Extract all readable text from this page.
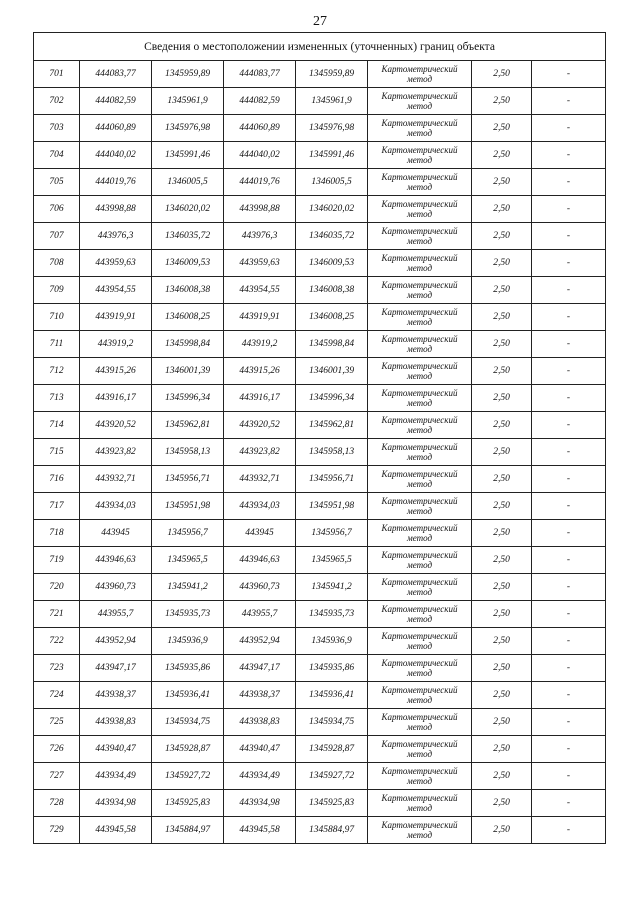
27
Сведения о местоположении измененных (уточненных) границ объекта							
701	444083,77	1345959,89	444083,77	1345959,89	Картометрический метод	2,50	-
702	444082,59	1345961,9	444082,59	1345961,9	Картометрический метод	2,50	-
703	444060,89	1345976,98	444060,89	1345976,98	Картометрический метод	2,50	-
704	444040,02	1345991,46	444040,02	1345991,46	Картометрический метод	2,50	-
705	444019,76	1346005,5	444019,76	1346005,5	Картометрический метод	2,50	-
706	443998,88	1346020,02	443998,88	1346020,02	Картометрический метод	2,50	-
707	443976,3	1346035,72	443976,3	1346035,72	Картометрический метод	2,50	-
708	443959,63	1346009,53	443959,63	1346009,53	Картометрический метод	2,50	-
709	443954,55	1346008,38	443954,55	1346008,38	Картометрический метод	2,50	-
710	443919,91	1346008,25	443919,91	1346008,25	Картометрический метод	2,50	-
711	443919,2	1345998,84	443919,2	1345998,84	Картометрический метод	2,50	-
712	443915,26	1346001,39	443915,26	1346001,39	Картометрический метод	2,50	-
713	443916,17	1345996,34	443916,17	1345996,34	Картометрический метод	2,50	-
714	443920,52	1345962,81	443920,52	1345962,81	Картометрический метод	2,50	-
715	443923,82	1345958,13	443923,82	1345958,13	Картометрический метод	2,50	-
716	443932,71	1345956,71	443932,71	1345956,71	Картометрический метод	2,50	-
717	443934,03	1345951,98	443934,03	1345951,98	Картометрический метод	2,50	-
718	443945	1345956,7	443945	1345956,7	Картометрический метод	2,50	-
719	443946,63	1345965,5	443946,63	1345965,5	Картометрический метод	2,50	-
720	443960,73	1345941,2	443960,73	1345941,2	Картометрический метод	2,50	-
721	443955,7	1345935,73	443955,7	1345935,73	Картометрический метод	2,50	-
722	443952,94	1345936,9	443952,94	1345936,9	Картометрический метод	2,50	-
723	443947,17	1345935,86	443947,17	1345935,86	Картометрический метод	2,50	-
724	443938,37	1345936,41	443938,37	1345936,41	Картометрический метод	2,50	-
725	443938,83	1345934,75	443938,83	1345934,75	Картометрический метод	2,50	-
726	443940,47	1345928,87	443940,47	1345928,87	Картометрический метод	2,50	-
727	443934,49	1345927,72	443934,49	1345927,72	Картометрический метод	2,50	-
728	443934,98	1345925,83	443934,98	1345925,83	Картометрический метод	2,50	-
729	443945,58	1345884,97	443945,58	1345884,97	Картометрический метод	2,50	-
